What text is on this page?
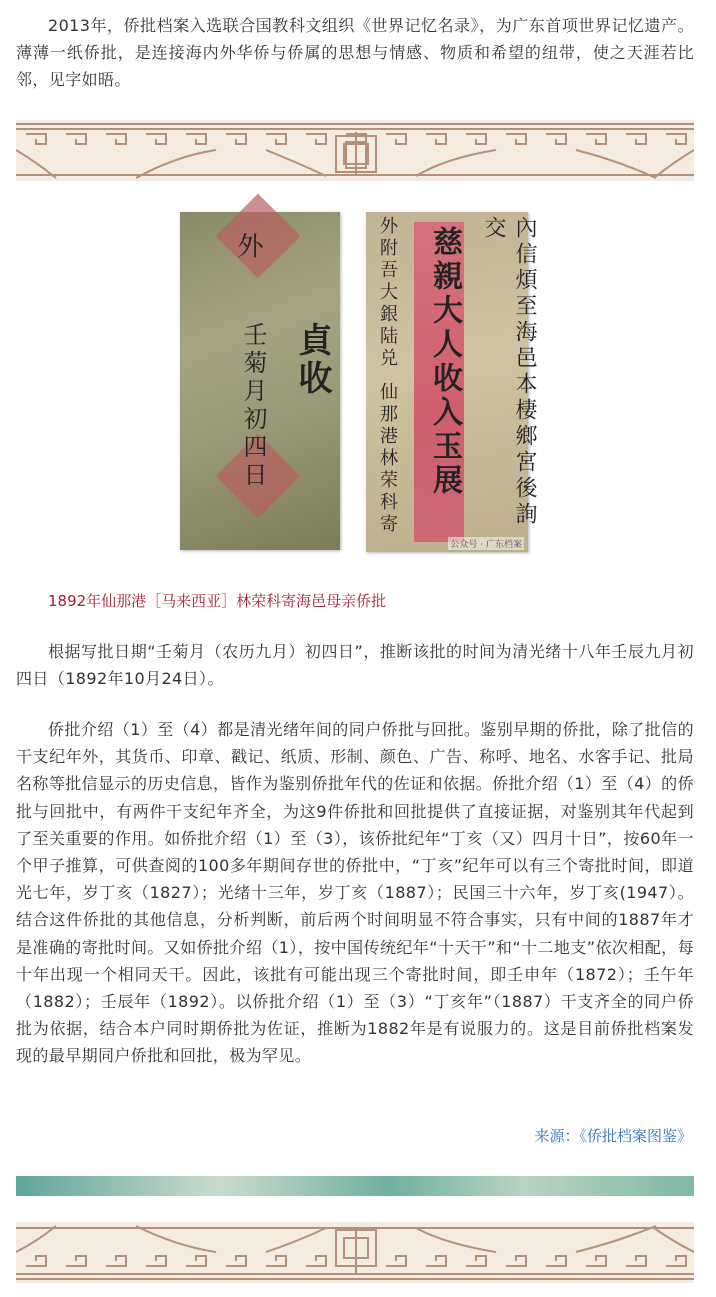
2013年，侨批档案入选联合国教科文组织《世界记忆名录》，为广东首项世界记忆遗产。薄薄一纸侨批，是连接海内外华侨与侨属的思想与情感、物质和希望的纽带，使之天涯若比邻，见字如晤。

外
貞收
壬菊月初四日	內信煩至海邑本棲鄉宮後詢交
慈親大人收入玉展
外附吾大銀陆兑
仙那港林荣科寄
公众号 · 广东档案

1892年仙那港［马来西亚］林荣科寄海邑母亲侨批

根据写批日期“壬菊月（农历九月）初四日”，推断该批的时间为清光绪十八年壬辰九月初四日（1892年10月24日）。

侨批介绍（1）至（4）都是清光绪年间的同户侨批与回批。鉴别早期的侨批，除了批信的干支纪年外，其货币、印章、戳记、纸质、形制、颜色、广告、称呼、地名、水客手记、批局名称等批信显示的历史信息，皆作为鉴别侨批年代的佐证和依据。侨批介绍（1）至（4）的侨批与回批中，有两件干支纪年齐全，为这9件侨批和回批提供了直接证据，对鉴别其年代起到了至关重要的作用。如侨批介绍（1）至（3），该侨批纪年“丁亥（又）四月十日”，按60年一个甲子推算，可供查阅的100多年期间存世的侨批中，“丁亥”纪年可以有三个寄批时间，即道光七年，岁丁亥（1827）；光绪十三年，岁丁亥（1887）；民国三十六年，岁丁亥(1947）。结合这件侨批的其他信息，分析判断，前后两个时间明显不符合事实，只有中间的1887年才是准确的寄批时间。又如侨批介绍（1），按中国传统纪年“十天干”和“十二地支”依次相配，每十年出现一个相同天干。因此，该批有可能出现三个寄批时间，即壬申年（1872）；壬午年（1882）；壬辰年（1892）。以侨批介绍（1）至（3）“丁亥年”（1887）干支齐全的同户侨批为依据，结合本户同时期侨批为佐证，推断为1882年是有说服力的。这是目前侨批档案发现的最早期同户侨批和回批，极为罕见。

来源：《侨批档案图鉴》
